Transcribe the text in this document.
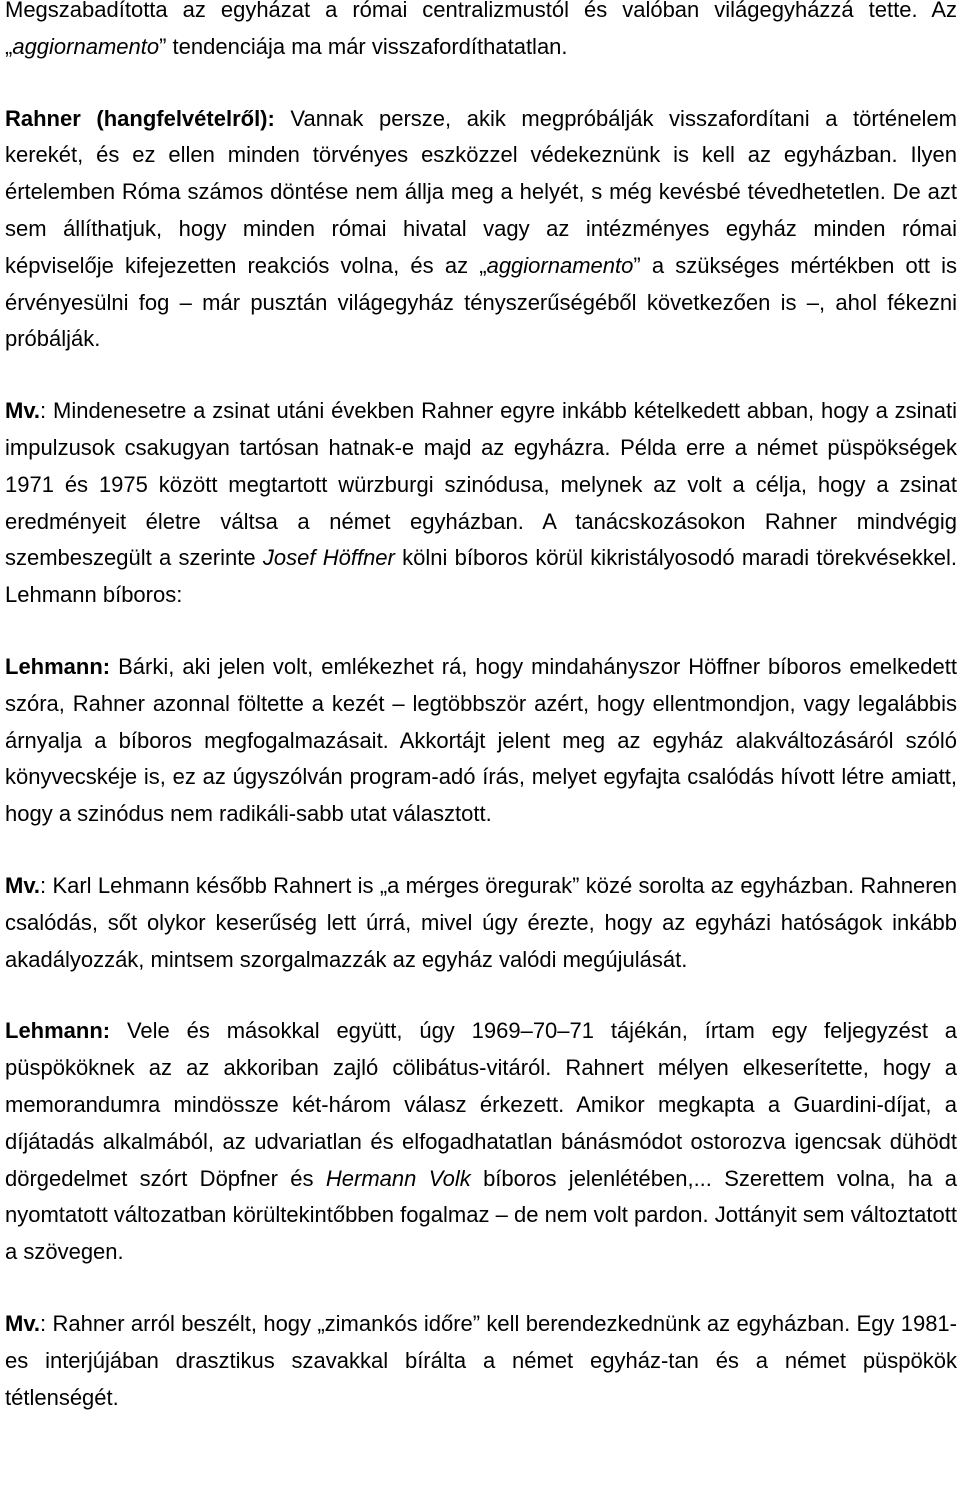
Megszabadította az egyházat a római centralizmustól és valóban világegyházzá tette. Az „aggiornamento” tendenciája ma már visszafordíthatatlan.

Rahner (hangfelvételről): Vannak persze, akik megpróbálják visszafordítani a történelem kerekét, és ez ellen minden törvényes eszközzel védekeznünk is kell az egyházban. Ilyen értelemben Róma számos döntése nem állja meg a helyét, s még kevésbé tévedhetetlen. De azt sem állíthatjuk, hogy minden római hivatal vagy az intézményes egyház minden római képviselője kifejezetten reakciós volna, és az „aggiornamento” a szükséges mértékben ott is érvényesülni fog – már pusztán világegyház tényszerűségéből következően is –, ahol fékezni próbálják.

Mv.: Mindenesetre a zsinat utáni években Rahner egyre inkább kételkedett abban, hogy a zsinati impulzusok csakugyan tartósan hatnak-e majd az egyházra. Példa erre a német püspökségek 1971 és 1975 között megtartott würzburgi szinódusa, melynek az volt a célja, hogy a zsinat eredményeit életre váltsa a német egyházban. A tanácskozásokon Rahner mindvégig szembeszegült a szerinte Josef Höffner kölni bíboros körül kikristályosodó maradi törekvésekkel. Lehmann bíboros:

Lehmann: Bárki, aki jelen volt, emlékezhet rá, hogy mindahányszor Höffner bíboros emelkedett szóra, Rahner azonnal föltette a kezét – legtöbbször azért, hogy ellentmondjon, vagy legalábbis árnyalja a bíboros megfogalmazásait. Akkortájt jelent meg az egyház alakváltozásáról szóló könyvecskéje is, ez az úgyszólván program-adó írás, melyet egyfajta csalódás hívott létre amiatt, hogy a szinódus nem radikáli-sabb utat választott.

Mv.: Karl Lehmann később Rahnert is „a mérges öregurak” közé sorolta az egyházban. Rahneren csalódás, sőt olykor keserűség lett úrrá, mivel úgy érezte, hogy az egyházi hatóságok inkább akadályozzák, mintsem szorgalmazzák az egyház valódi megújulását.

Lehmann: Vele és másokkal együtt, úgy 1969–70–71 tájékán, írtam egy feljegyzést a püspököknek az az akkoriban zajló cölibátus-vitáról. Rahnert mélyen elkeserítette, hogy a memorandumra mindössze két-három válasz érkezett. Amikor megkapta a Guardini-díjat, a díjátadás alkalmából, az udvariatlan és elfogadhatatlan bánásmódot ostorozva igencsak dühödt dörgedelmet szórt Döpfner és Hermann Volk bíboros jelenlétében,... Szerettem volna, ha a nyomtatott változatban körültekintőbben fogalmaz – de nem volt pardon. Jottányit sem változtatott a szövegen.

Mv.: Rahner arról beszélt, hogy „zimankós időre” kell berendezkednünk az egyházban. Egy 1981-es interjújában drasztikus szavakkal bírálta a német egyház-tan és a német püspökök tétlenségét.
